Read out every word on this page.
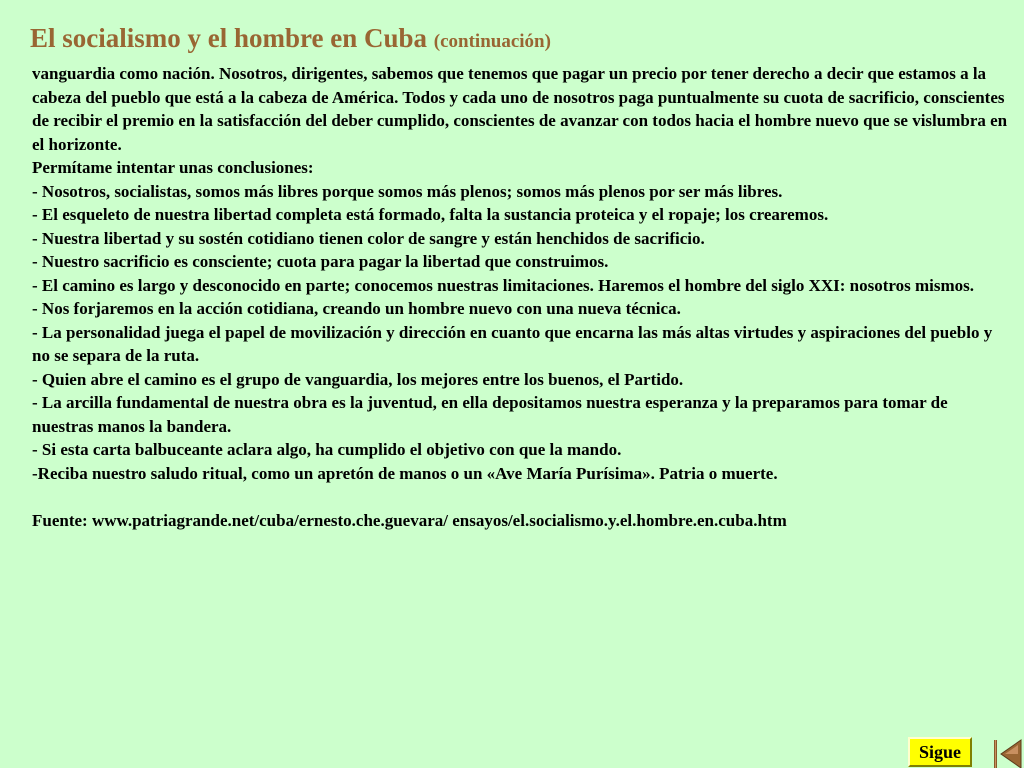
El socialismo y el hombre en Cuba (continuación)

vanguardia como nación. Nosotros, dirigentes, sabemos que tenemos que pagar un precio por tener derecho a decir que estamos a la cabeza del pueblo que está a la cabeza de América. Todos y cada uno de nosotros paga puntualmente su cuota de sacrificio, conscientes de recibir el premio en la satisfacción del deber cumplido, conscientes de avanzar con todos hacia el hombre nuevo que se vislumbra en el horizonte.

Permítame intentar unas conclusiones:

- Nosotros, socialistas, somos más libres porque somos más plenos; somos más plenos por ser más libres.

- El esqueleto de nuestra libertad completa está formado, falta la sustancia proteica y el ropaje; los crearemos.

- Nuestra libertad y su sostén cotidiano tienen color de sangre y están henchidos de sacrificio.

- Nuestro sacrificio es consciente; cuota para pagar la libertad que construimos.

- El camino es largo y desconocido en parte; conocemos nuestras limitaciones. Haremos el hombre del siglo XXI: nosotros mismos.

- Nos forjaremos en la acción cotidiana, creando un hombre nuevo con una nueva técnica.

- La personalidad juega el papel de movilización y dirección en cuanto que encarna las más altas virtudes y aspiraciones del pueblo y no se separa de la ruta.

- Quien abre el camino es el grupo de vanguardia, los mejores entre los buenos, el Partido.

- La arcilla fundamental de nuestra obra es la juventud, en ella depositamos nuestra esperanza y la preparamos para tomar de nuestras manos la bandera.

- Si esta carta balbuceante aclara algo, ha cumplido el objetivo con que la mando.

-Reciba nuestro saludo ritual, como un apretón de manos o un «Ave María Purísima». Patria o muerte.

Fuente: www.patriagrande.net/cuba/ernesto.che.guevara/ ensayos/el.socialismo.y.el.hombre.en.cuba.htm

Sigue
